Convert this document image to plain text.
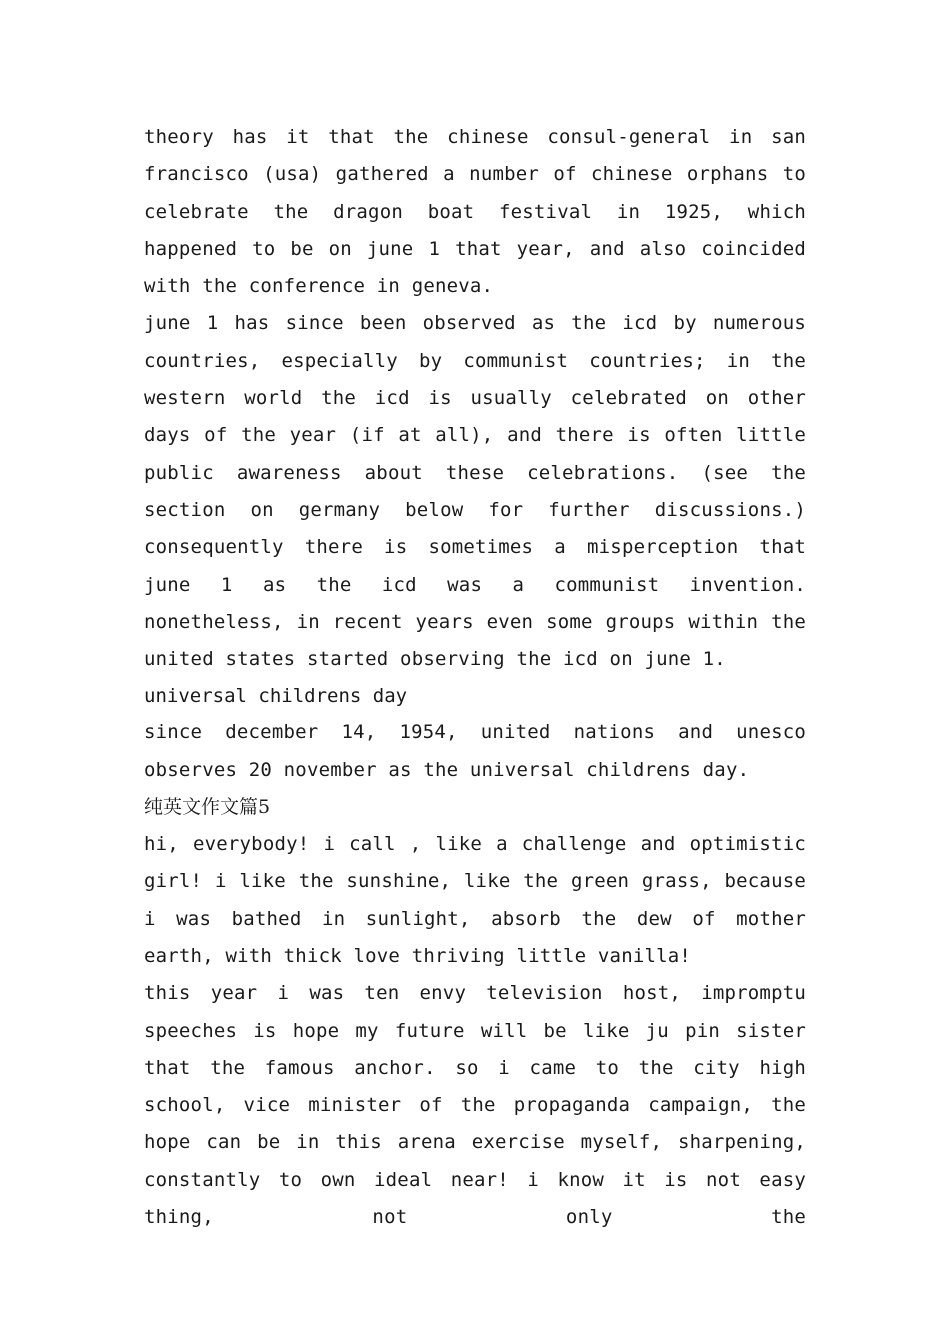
theory has it that the chinese consul-general in san francisco (usa) gathered a number of chinese orphans to celebrate the dragon boat festival in 1925, which happened to be on june 1 that year, and also coincided with the conference in geneva.

june 1 has since been observed as the icd by numerous countries, especially by communist countries; in the western world the icd is usually celebrated on other days of the year (if at all), and there is often little public awareness about these celebrations. (see the section on germany below for further discussions.) consequently there is sometimes a misperception that june 1 as the icd was a communist invention. nonetheless, in recent years even some groups within the united states started observing the icd on june 1.

universal childrens day

since december 14, 1954, united nations and unesco observes 20 november as the universal childrens day.

纯英文作文篇5

hi, everybody! i call , like a challenge and optimistic girl! i like the sunshine, like the green grass, because i was bathed in sunlight, absorb the dew of mother earth, with thick love thriving little vanilla!

this year i was ten envy television host, impromptu speeches is hope my future will be like ju pin sister that the famous anchor. so i came to the city high school, vice minister of the propaganda campaign, the hope can be in this arena exercise myself, sharpening, constantly to own ideal near! i know it is not easy thing, not only the
